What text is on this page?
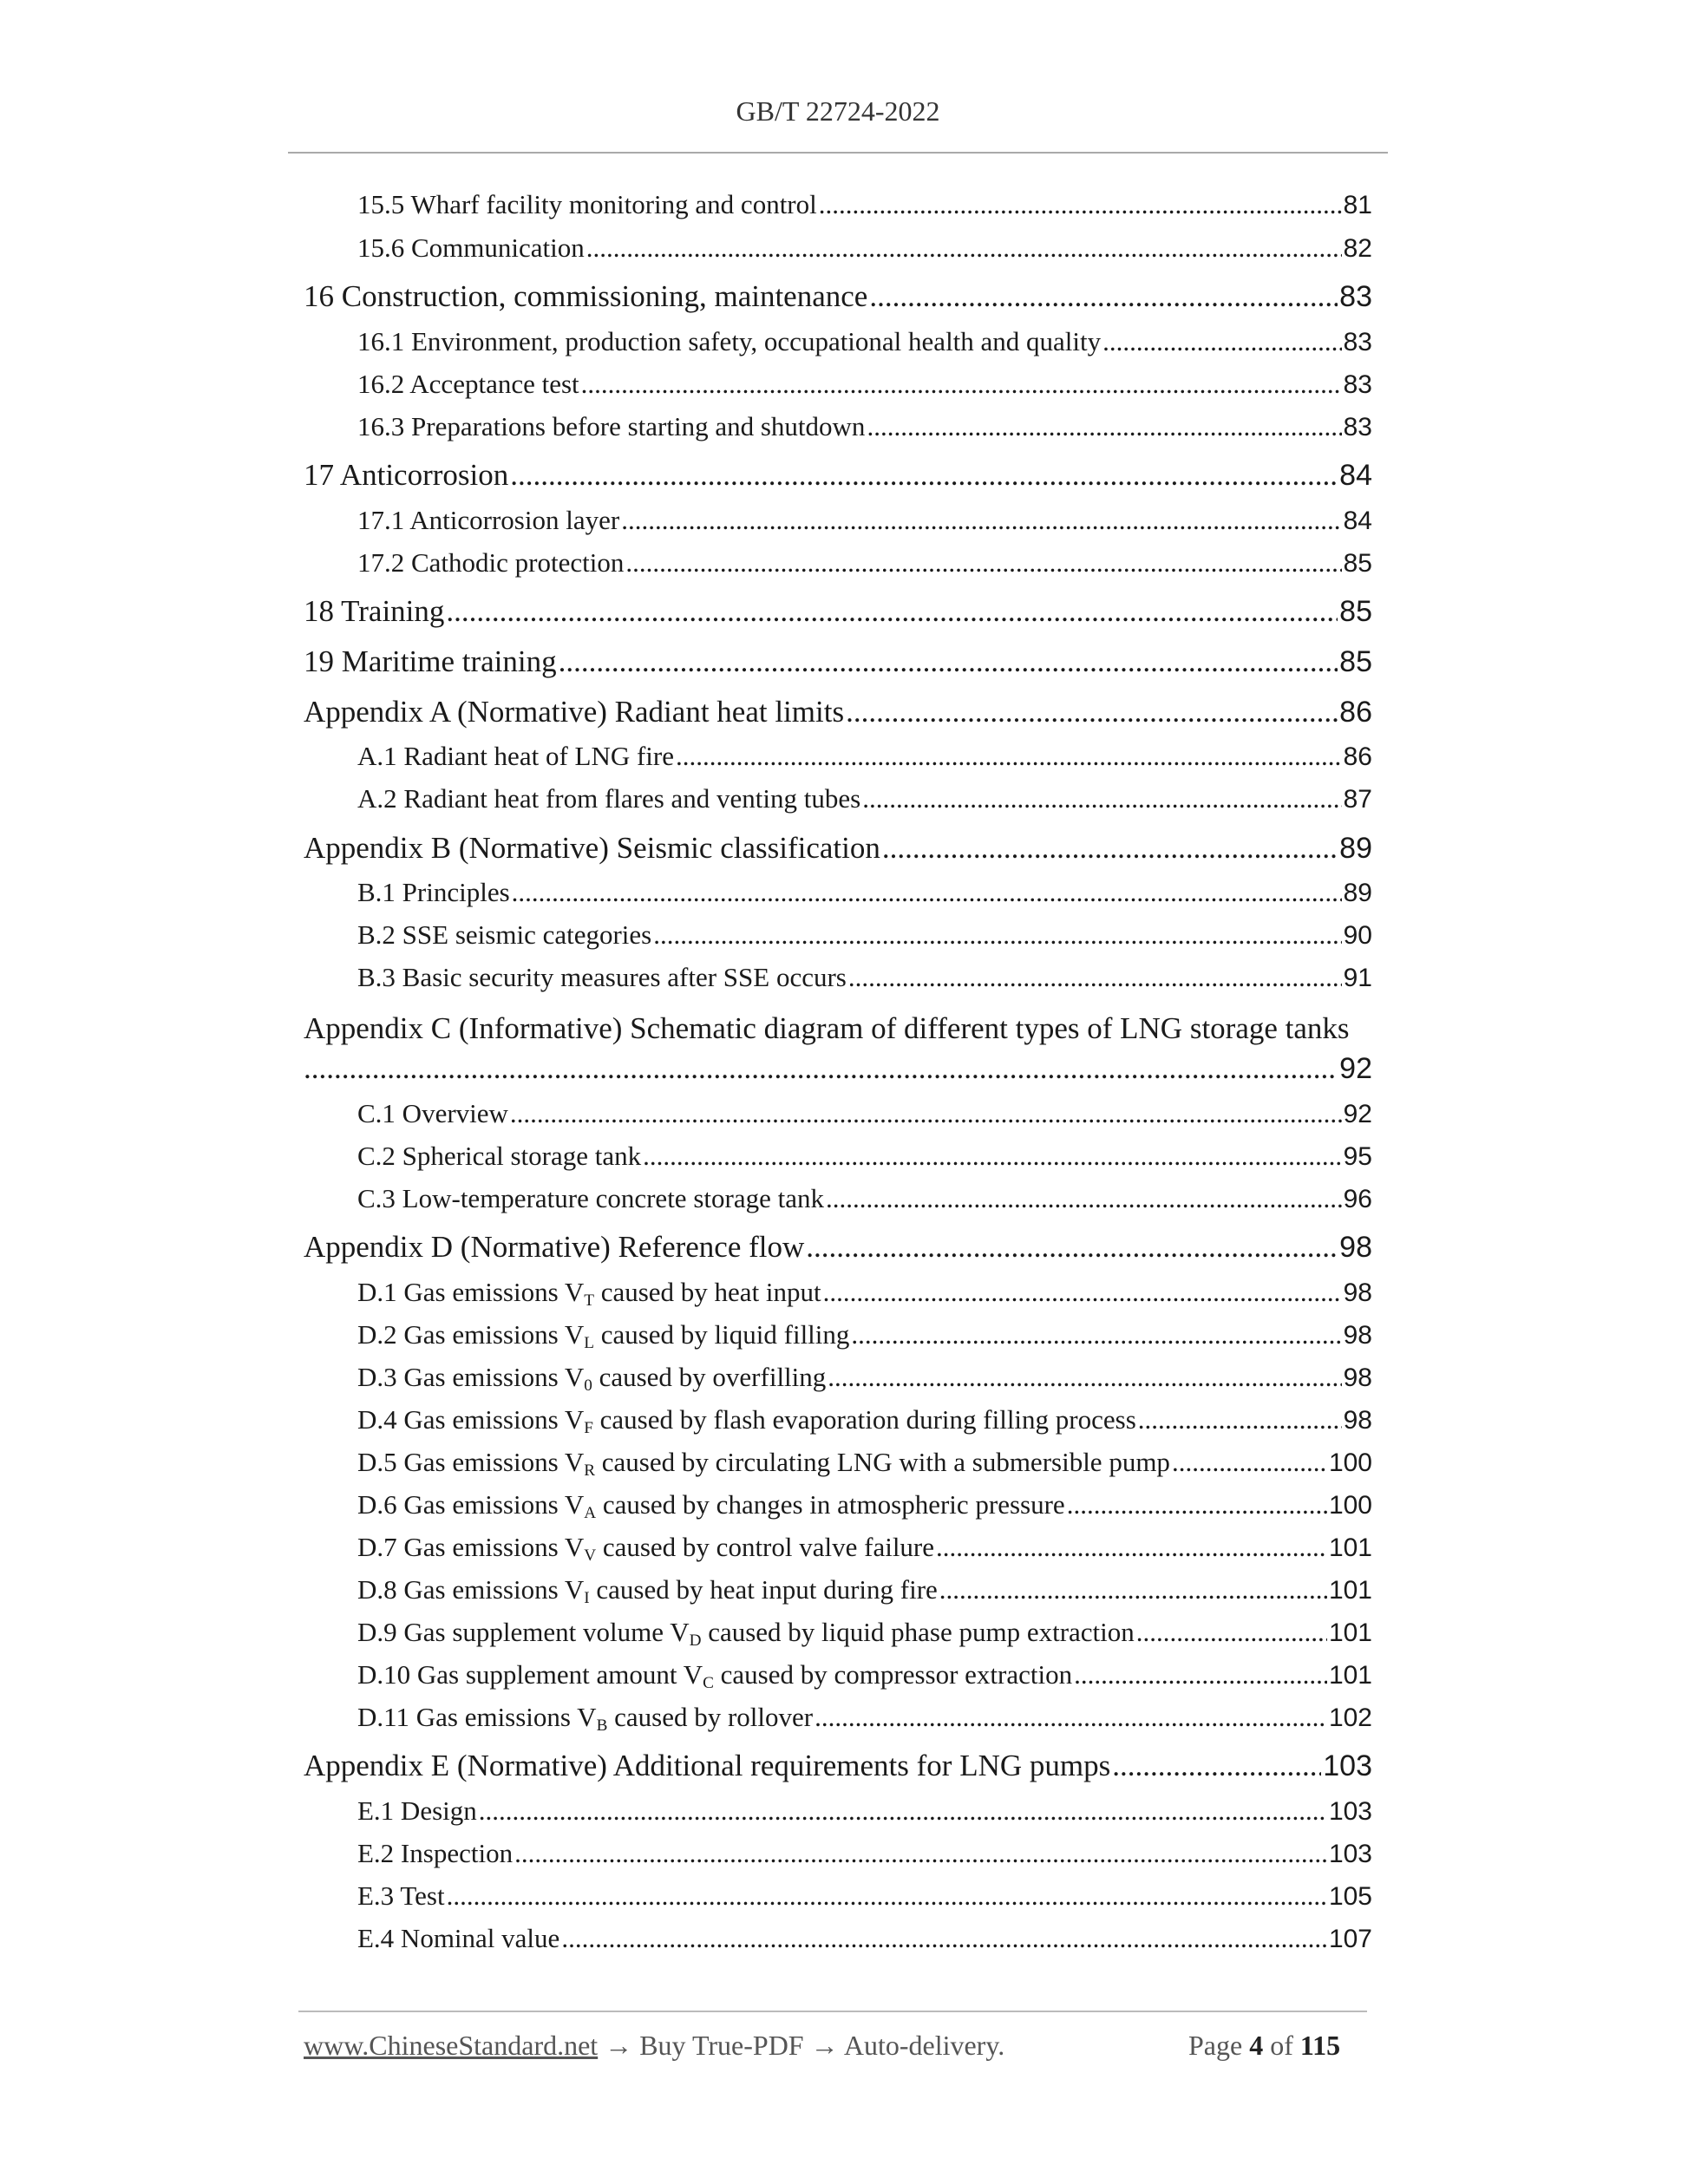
GB/T 22724-2022
15.5 Wharf facility monitoring and control .....	81
15.6 Communication .....	82
16 Construction, commissioning, maintenance .....	83
16.1 Environment, production safety, occupational health and quality .....	83
16.2 Acceptance test .....	83
16.3 Preparations before starting and shutdown .....	83
17 Anticorrosion .....	84
17.1 Anticorrosion layer .....	84
17.2 Cathodic protection .....	85
18 Training .....	85
19 Maritime training .....	85
Appendix A (Normative) Radiant heat limits .....	86
A.1 Radiant heat of LNG fire .....	86
A.2 Radiant heat from flares and venting tubes .....	87
Appendix B (Normative) Seismic classification .....	89
B.1 Principles .....	89
B.2 SSE seismic categories .....	90
B.3 Basic security measures after SSE occurs .....	91
Appendix C (Informative) Schematic diagram of different types of LNG storage tanks
.....
92
C.1 Overview .....	92
C.2 Spherical storage tank .....	95
C.3 Low-temperature concrete storage tank .....	96
Appendix D (Normative) Reference flow .....	98
D.1 Gas emissions $V_T$ caused by heat input .....	98
D.2 Gas emissions $V_L$ caused by liquid filling .....	98
D.3 Gas emissions $V_0$ caused by overfilling .....	98
D.4 Gas emissions $V_F$ caused by flash evaporation during filling process .....	98
D.5 Gas emissions $V_R$ caused by circulating LNG with a submersible pump .....	100
D.6 Gas emissions $V_A$ caused by changes in atmospheric pressure .....	100
D.7 Gas emissions $V_V$ caused by control valve failure .....	101
D.8 Gas emissions $V_I$ caused by heat input during fire .....	101
D.9 Gas supplement volume $V_D$ caused by liquid phase pump extraction .....	101
D.10 Gas supplement amount $V_C$ caused by compressor extraction .....	101
D.11 Gas emissions $V_B$ caused by rollover .....	102
Appendix E (Normative) Additional requirements for LNG pumps .....	103
E.1 Design .....	103
E.2 Inspection .....	103
E.3 Test .....	105
E.4 Nominal value .....	107
www.ChineseStandard.net → Buy True-PDF → Auto-delivery.	Page 4 of 115
